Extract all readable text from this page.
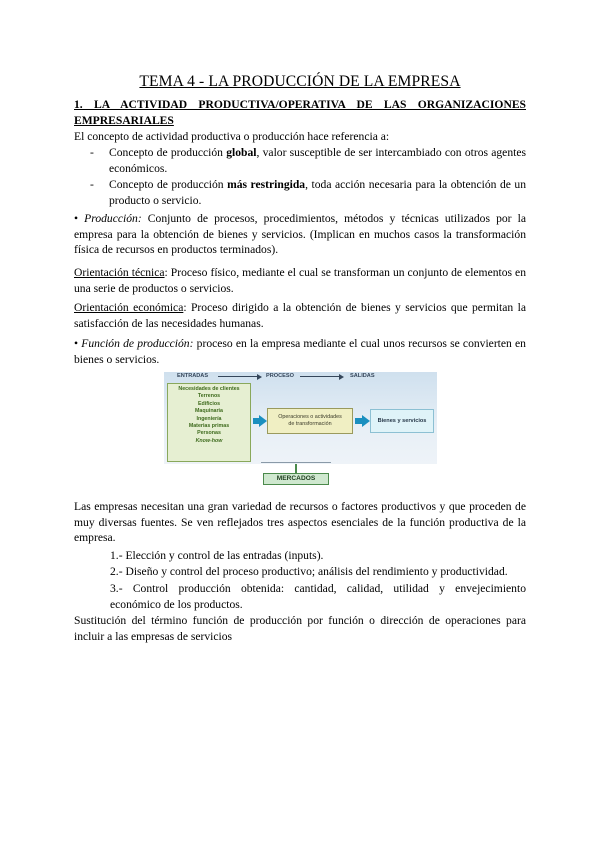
TEMA 4 - LA PRODUCCIÓN DE LA EMPRESA
1. LA ACTIVIDAD PRODUCTIVA/OPERATIVA DE LAS ORGANIZACIONES
EMPRESARIALES
El concepto de actividad productiva o producción hace referencia a:
- Concepto de producción global, valor susceptible de ser intercambiado con otros agentes económicos.
- Concepto de producción más restringida, toda acción necesaria para la obtención de un producto o servicio.
• Producción: Conjunto de procesos, procedimientos, métodos y técnicas utilizados por la empresa para la obtención de bienes y servicios. (Implican en muchos casos la transformación física de recursos en productos terminados).
Orientación técnica: Proceso físico, mediante el cual se transforman un conjunto de elementos en una serie de productos o servicios.
Orientación económica: Proceso dirigido a la obtención de bienes y servicios que permitan la satisfacción de las necesidades humanas.
• Función de producción: proceso en la empresa mediante el cual unos recursos se convierten en bienes o servicios.
ENTRADAS	PROCESO	SALIDAS
Necesidades de clientes
Terrenos
Edificios
Maquinaria
Ingeniería
Materias primas
Personas
Know-how
Operaciones o actividades
de transformación	Bienes y servicios
MERCADOS
Las empresas necesitan una gran variedad de recursos o factores productivos y que proceden de muy diversas fuentes. Se ven reflejados tres aspectos esenciales de la función productiva de la empresa.
1.- Elección y control de las entradas (inputs).
2.- Diseño y control del proceso productivo; análisis del rendimiento y productividad.
3.- Control producción obtenida: cantidad, calidad, utilidad y envejecimiento
económico de los productos.
Sustitución del término función de producción por función o dirección de operaciones para incluir a las empresas de servicios
